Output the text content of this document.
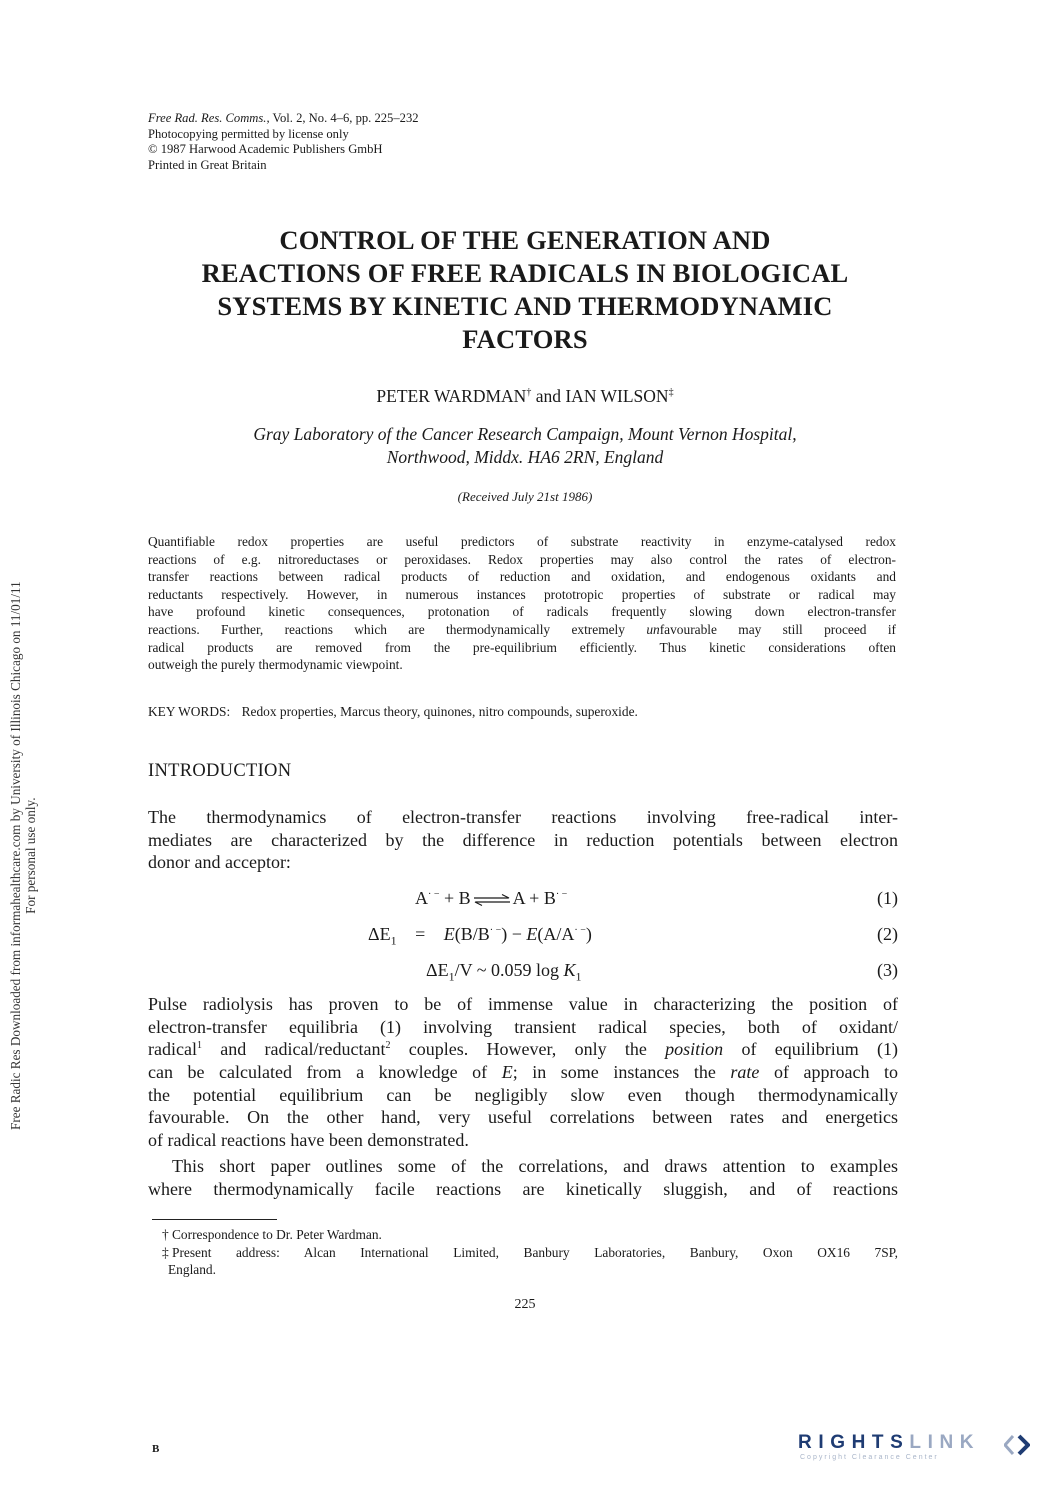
Free Radic Res Downloaded from informahealthcare.com by University of Illinois Chicago on 11/01/11 For personal use only.
Free Rad. Res. Comms., Vol. 2, No. 4–6, pp. 225–232
Photocopying permitted by license only
© 1987 Harwood Academic Publishers GmbH
Printed in Great Britain
CONTROL OF THE GENERATION AND
REACTIONS OF FREE RADICALS IN BIOLOGICAL
SYSTEMS BY KINETIC AND THERMODYNAMIC
FACTORS
PETER WARDMAN† and IAN WILSON‡
Gray Laboratory of the Cancer Research Campaign, Mount Vernon Hospital,
Northwood, Middx. HA6 2RN, England
(Received July 21st 1986)
Quantifiable redox properties are useful predictors of substrate reactivity in enzyme-catalysed redox
reactions of e.g. nitroreductases or peroxidases. Redox properties may also control the rates of electron-
transfer reactions between radical products of reduction and oxidation, and endogenous oxidants and
reductants respectively. However, in numerous instances prototropic properties of substrate or radical may
have profound kinetic consequences, protonation of radicals frequently slowing down electron-transfer
reactions. Further, reactions which are thermodynamically extremely unfavourable may still proceed if
radical products are removed from the pre-equilibrium efficiently. Thus kinetic considerations often
outweigh the purely thermodynamic viewpoint.
KEY WORDS: Redox properties, Marcus theory, quinones, nitro compounds, superoxide.
INTRODUCTION
The thermodynamics of electron-transfer reactions involving free-radical inter-
mediates are characterized by the difference in reduction potentials between electron
donor and acceptor:
A· − + B ⇌ A + B· −	(1)
$\Delta E_1 = E(B/B^{\cdot -}) - E(A/A^{\cdot -})$	(2)
$\Delta E_1/V$ ~ 0.059 $\log K_1$	(3)
Pulse radiolysis has proven to be of immense value in characterizing the position of
electron-transfer equilibria (1) involving transient radical species, both of oxidant/
radical$^1$ and radical/reductant$^2$ couples. However, only the position of equilibrium (1)
can be calculated from a knowledge of E; in some instances the rate of approach to
the potential equilibrium can be negligibly slow even though thermodynamically
favourable. On the other hand, very useful correlations between rates and energetics
of radical reactions have been demonstrated.
This short paper outlines some of the correlations, and draws attention to examples
where thermodynamically facile reactions are kinetically sluggish, and of reactions
† Correspondence to Dr. Peter Wardman.
‡ Present address: Alcan International Limited, Banbury Laboratories, Banbury, Oxon OX16 7SP,
England.
225
B	RIGHTSLINK
Copyright Clearance Center
